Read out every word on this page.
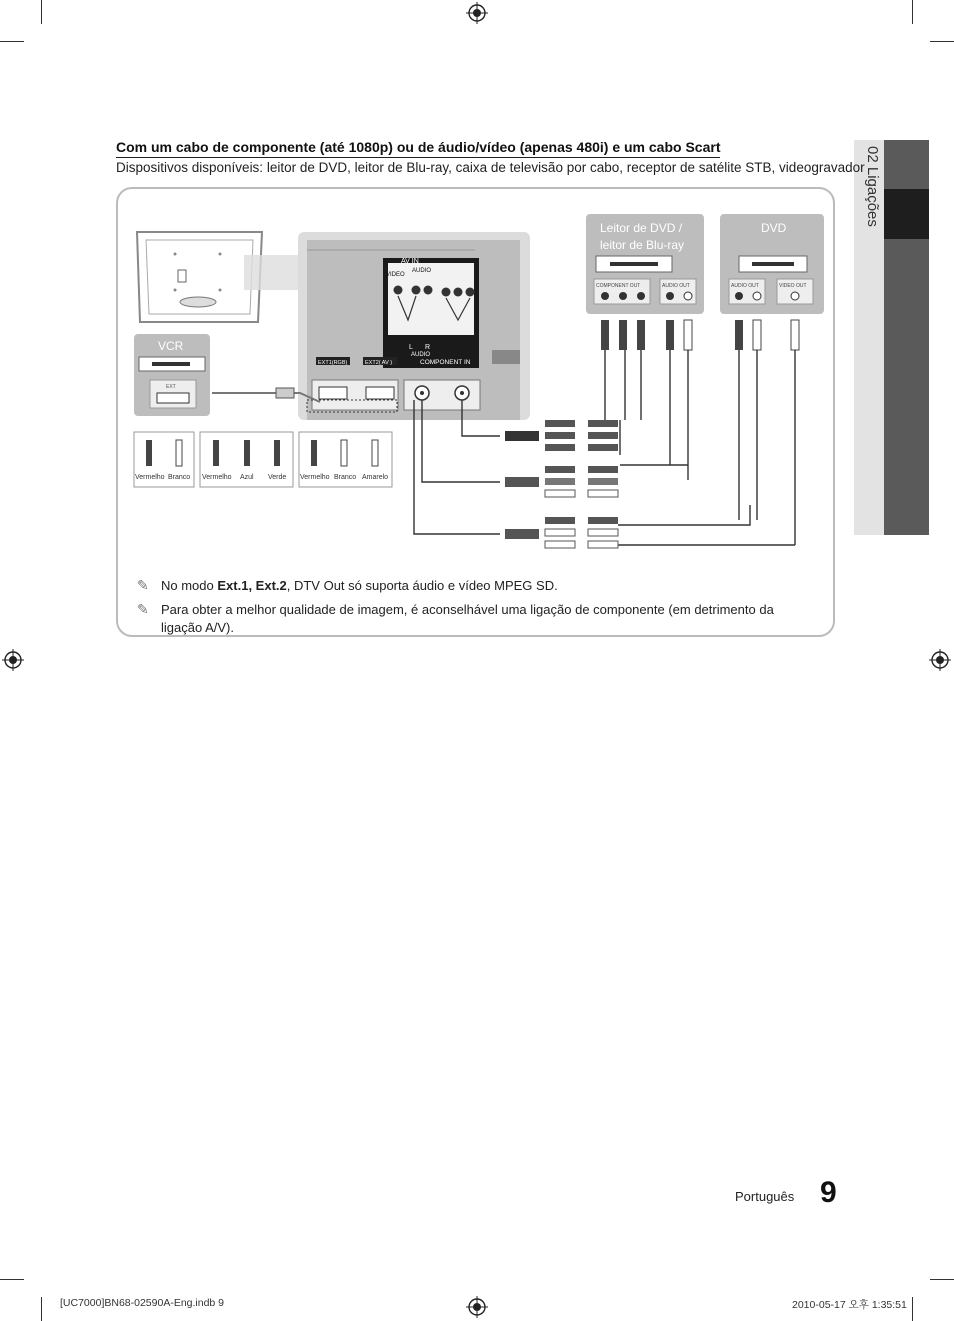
02 Ligações
Com um cabo de componente (até 1080p) ou de áudio/vídeo (apenas 480i) e um cabo Scart
Dispositivos disponíveis: leitor de DVD, leitor de Blu-ray, caixa de televisão por cabo, receptor de satélite STB, videogravador
AV IN
VIDEO
AUDIO
L R
AUDIO
COMPONENT IN
EXT1(RGB)	EXT2( AV )
VCR
EXT
Leitor de DVD /
leitor de Blu-ray
COMPONENT OUT	AUDIO OUT
DVD
AUDIO OUT	VIDEO OUT
Vermelho Branco Vermelho Azul Verde Vermelho Branco Amarelo
✎ No modo Ext.1, Ext.2, DTV Out só suporta áudio e vídeo MPEG SD.
✎ Para obter a melhor qualidade de imagem, é aconselhável uma ligação de componente (em detrimento da ligação A/V).
Português 9
[UC7000]BN68-02590A-Eng.indb 9	2010-05-17 오후 1:35:51
